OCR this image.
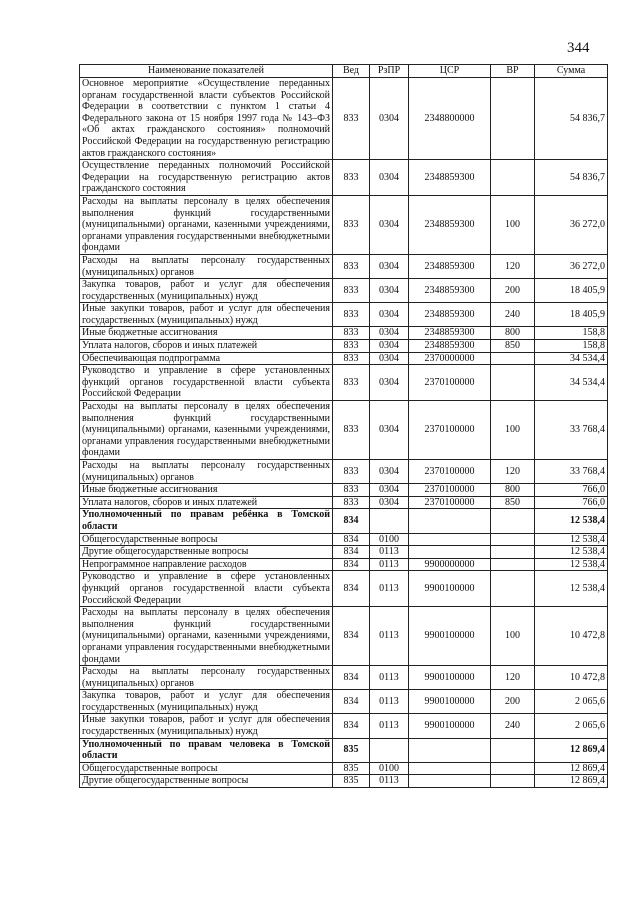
344
Наименование показателей	Вед	РзПР	ЦСР	ВР	Сумма
Основное мероприятие «Осуществление переданных органам государственной власти субъектов Российской Федерации в соответствии с пунктом 1 статьи 4 Федерального закона от 15 ноября 1997 года № 143–ФЗ «Об актах гражданского состояния» полномочий Российской Федерации на государственную регистрацию актов гражданского состояния»	833	0304	2348800000		54 836,7
Осуществление переданных полномочий Российской Федерации на государственную регистрацию актов гражданского состояния	833	0304	2348859300		54 836,7
Расходы на выплаты персоналу в целях обеспечения выполнения функций государственными (муниципальными) органами, казенными учреждениями, органами управления государственными внебюджетными фондами	833	0304	2348859300	100	36 272,0
Расходы на выплаты персоналу государственных (муниципальных) органов	833	0304	2348859300	120	36 272,0
Закупка товаров, работ и услуг для обеспечения государственных (муниципальных) нужд	833	0304	2348859300	200	18 405,9
Иные закупки товаров, работ и услуг для обеспечения государственных (муниципальных) нужд	833	0304	2348859300	240	18 405,9
Иные бюджетные ассигнования	833	0304	2348859300	800	158,8
Уплата налогов, сборов и иных платежей	833	0304	2348859300	850	158,8
Обеспечивающая подпрограмма	833	0304	2370000000		34 534,4
Руководство и управление в сфере установленных функций органов государственной власти субъекта Российской Федерации	833	0304	2370100000		34 534,4
Расходы на выплаты персоналу в целях обеспечения выполнения функций государственными (муниципальными) органами, казенными учреждениями, органами управления государственными внебюджетными фондами	833	0304	2370100000	100	33 768,4
Расходы на выплаты персоналу государственных (муниципальных) органов	833	0304	2370100000	120	33 768,4
Иные бюджетные ассигнования	833	0304	2370100000	800	766,0
Уплата налогов, сборов и иных платежей	833	0304	2370100000	850	766,0
Уполномоченный по правам ребёнка в Томской области	834				12 538,4
Общегосударственные вопросы	834	0100			12 538,4
Другие общегосударственные вопросы	834	0113			12 538,4
Непрограммное направление расходов	834	0113	9900000000		12 538,4
Руководство и управление в сфере установленных функций органов государственной власти субъекта Российской Федерации	834	0113	9900100000		12 538,4
Расходы на выплаты персоналу в целях обеспечения выполнения функций государственными (муниципальными) органами, казенными учреждениями, органами управления государственными внебюджетными фондами	834	0113	9900100000	100	10 472,8
Расходы на выплаты персоналу государственных (муниципальных) органов	834	0113	9900100000	120	10 472,8
Закупка товаров, работ и услуг для обеспечения государственных (муниципальных) нужд	834	0113	9900100000	200	2 065,6
Иные закупки товаров, работ и услуг для обеспечения государственных (муниципальных) нужд	834	0113	9900100000	240	2 065,6
Уполномоченный по правам человека в Томской области	835				12 869,4
Общегосударственные вопросы	835	0100			12 869,4
Другие общегосударственные вопросы	835	0113			12 869,4
